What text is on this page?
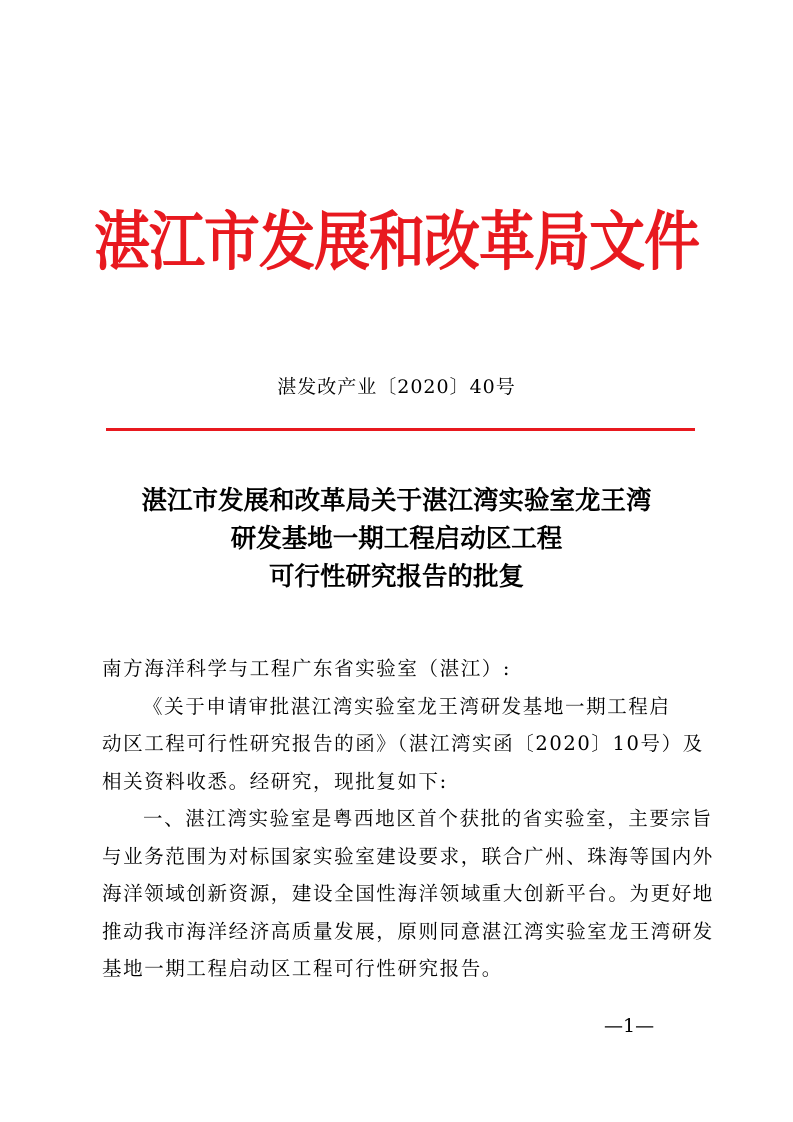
湛江市发展和改革局文件
湛发改产业〔2020〕40号
湛江市发展和改革局关于湛江湾实验室龙王湾
研发基地一期工程启动区工程
可行性研究报告的批复

南方海洋科学与工程广东省实验室（湛江）:

《关于申请审批湛江湾实验室龙王湾研发基地一期工程启

动区工程可行性研究报告的函》（湛江湾实函〔2020〕10号）及

相关资料收悉。经研究，现批复如下:

一、湛江湾实验室是粤西地区首个获批的省实验室，主要宗旨

与业务范围为对标国家实验室建设要求，联合广州、珠海等国内外

海洋领域创新资源，建设全国性海洋领域重大创新平台。为更好地

推动我市海洋经济高质量发展，原则同意湛江湾实验室龙王湾研发

基地一期工程启动区工程可行性研究报告。

—1—
